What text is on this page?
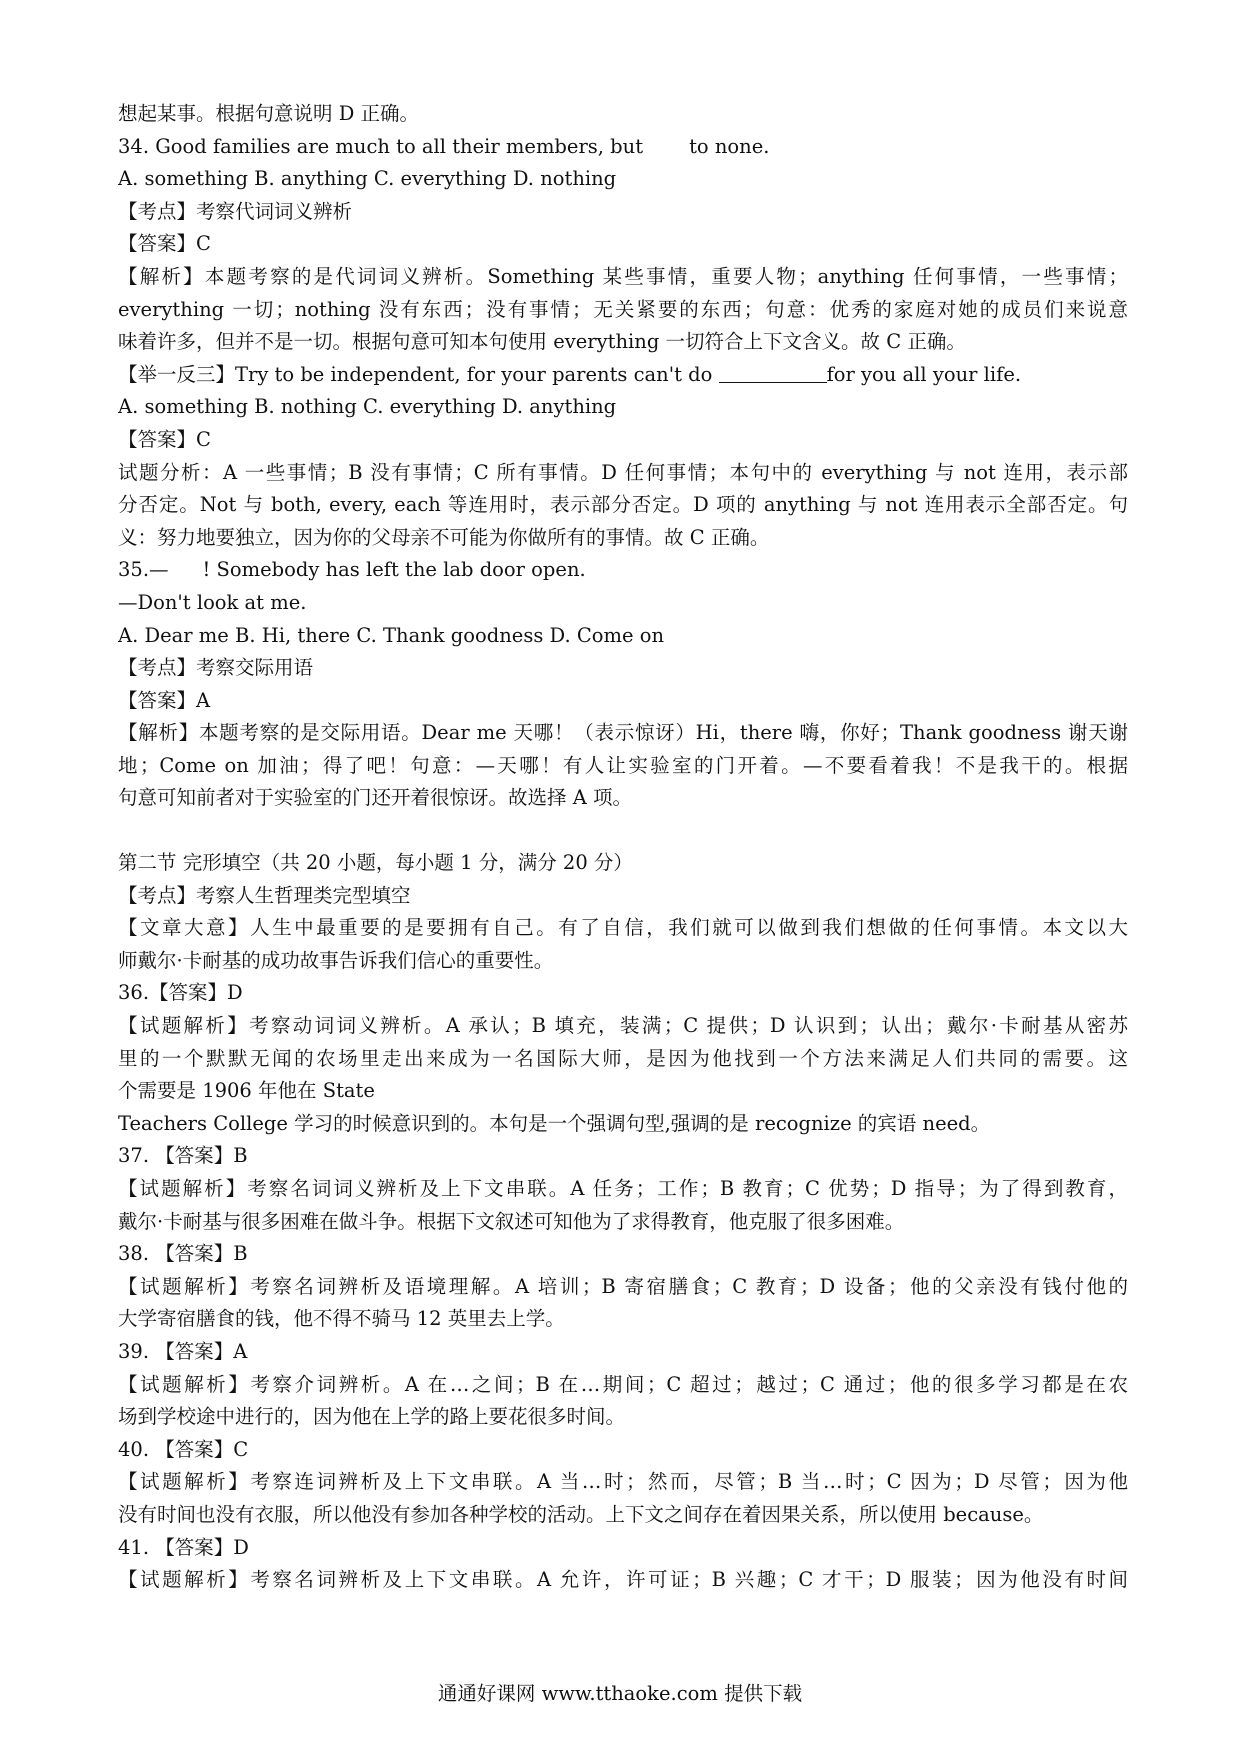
想起某事。根据句意说明 D 正确。
34. Good families are much to all their members, but to none.
A. something B. anything C. everything D. nothing
【考点】考察代词词义辨析
【答案】C
【解析】本题考察的是代词词义辨析。Something 某些事情，重要人物；anything 任何事情，一些事情；
everything 一切；nothing 没有东西；没有事情；无关紧要的东西；句意：优秀的家庭对她的成员们来说意
味着许多，但并不是一切。根据句意可知本句使用 everything 一切符合上下文含义。故 C 正确。
【举一反三】Try to be independent, for your parents can't do	for you all your life.
A. something B. nothing C. everything D. anything
【答案】C
试题分析：A 一些事情；B 没有事情；C 所有事情。D 任何事情；本句中的 everything 与 not 连用，表示部
分否定。Not 与 both, every, each 等连用时，表示部分否定。D 项的 anything 与 not 连用表示全部否定。句
义：努力地要独立，因为你的父母亲不可能为你做所有的事情。故 C 正确。
35.— ! Somebody has left the lab door open.
—Don't look at me.
A. Dear me B. Hi, there C. Thank goodness D. Come on
【考点】考察交际用语
【答案】A
【解析】本题考察的是交际用语。Dear me 天哪！（表示惊讶）Hi，there 嗨，你好；Thank goodness 谢天谢
地；Come on 加油；得了吧！句意：—天哪！有人让实验室的门开着。—不要看着我！不是我干的。根据
句意可知前者对于实验室的门还开着很惊讶。故选择 A 项。
第二节 完形填空（共 20 小题，每小题 1 分，满分 20 分）
【考点】考察人生哲理类完型填空
【文章大意】人生中最重要的是要拥有自己。有了自信，我们就可以做到我们想做的任何事情。本文以大
师戴尔·卡耐基的成功故事告诉我们信心的重要性。
36.【答案】D
【试题解析】考察动词词义辨析。A 承认；B 填充，装满；C 提供；D 认识到；认出；戴尔·卡耐基从密苏
里的一个默默无闻的农场里走出来成为一名国际大师，是因为他找到一个方法来满足人们共同的需要。这
个需要是 1906 年他在 State
Teachers College 学习的时候意识到的。本句是一个强调句型,强调的是 recognize 的宾语 need。
37. 【答案】B
【试题解析】考察名词词义辨析及上下文串联。A 任务；工作；B 教育；C 优势；D 指导；为了得到教育，
戴尔·卡耐基与很多困难在做斗争。根据下文叙述可知他为了求得教育，他克服了很多困难。
38. 【答案】B
【试题解析】考察名词辨析及语境理解。A 培训；B 寄宿膳食；C 教育；D 设备；他的父亲没有钱付他的
大学寄宿膳食的钱，他不得不骑马 12 英里去上学。
39. 【答案】A
【试题解析】考察介词辨析。A 在…之间；B 在…期间；C 超过；越过；C 通过；他的很多学习都是在农
场到学校途中进行的，因为他在上学的路上要花很多时间。
40. 【答案】C
【试题解析】考察连词辨析及上下文串联。A 当…时；然而，尽管；B 当…时；C 因为；D 尽管；因为他
没有时间也没有衣服，所以他没有参加各种学校的活动。上下文之间存在着因果关系，所以使用 because。
41. 【答案】D
【试题解析】考察名词辨析及上下文串联。A 允许，许可证；B 兴趣；C 才干；D 服装；因为他没有时间
通通好课网 www.tthaoke.com 提供下载
